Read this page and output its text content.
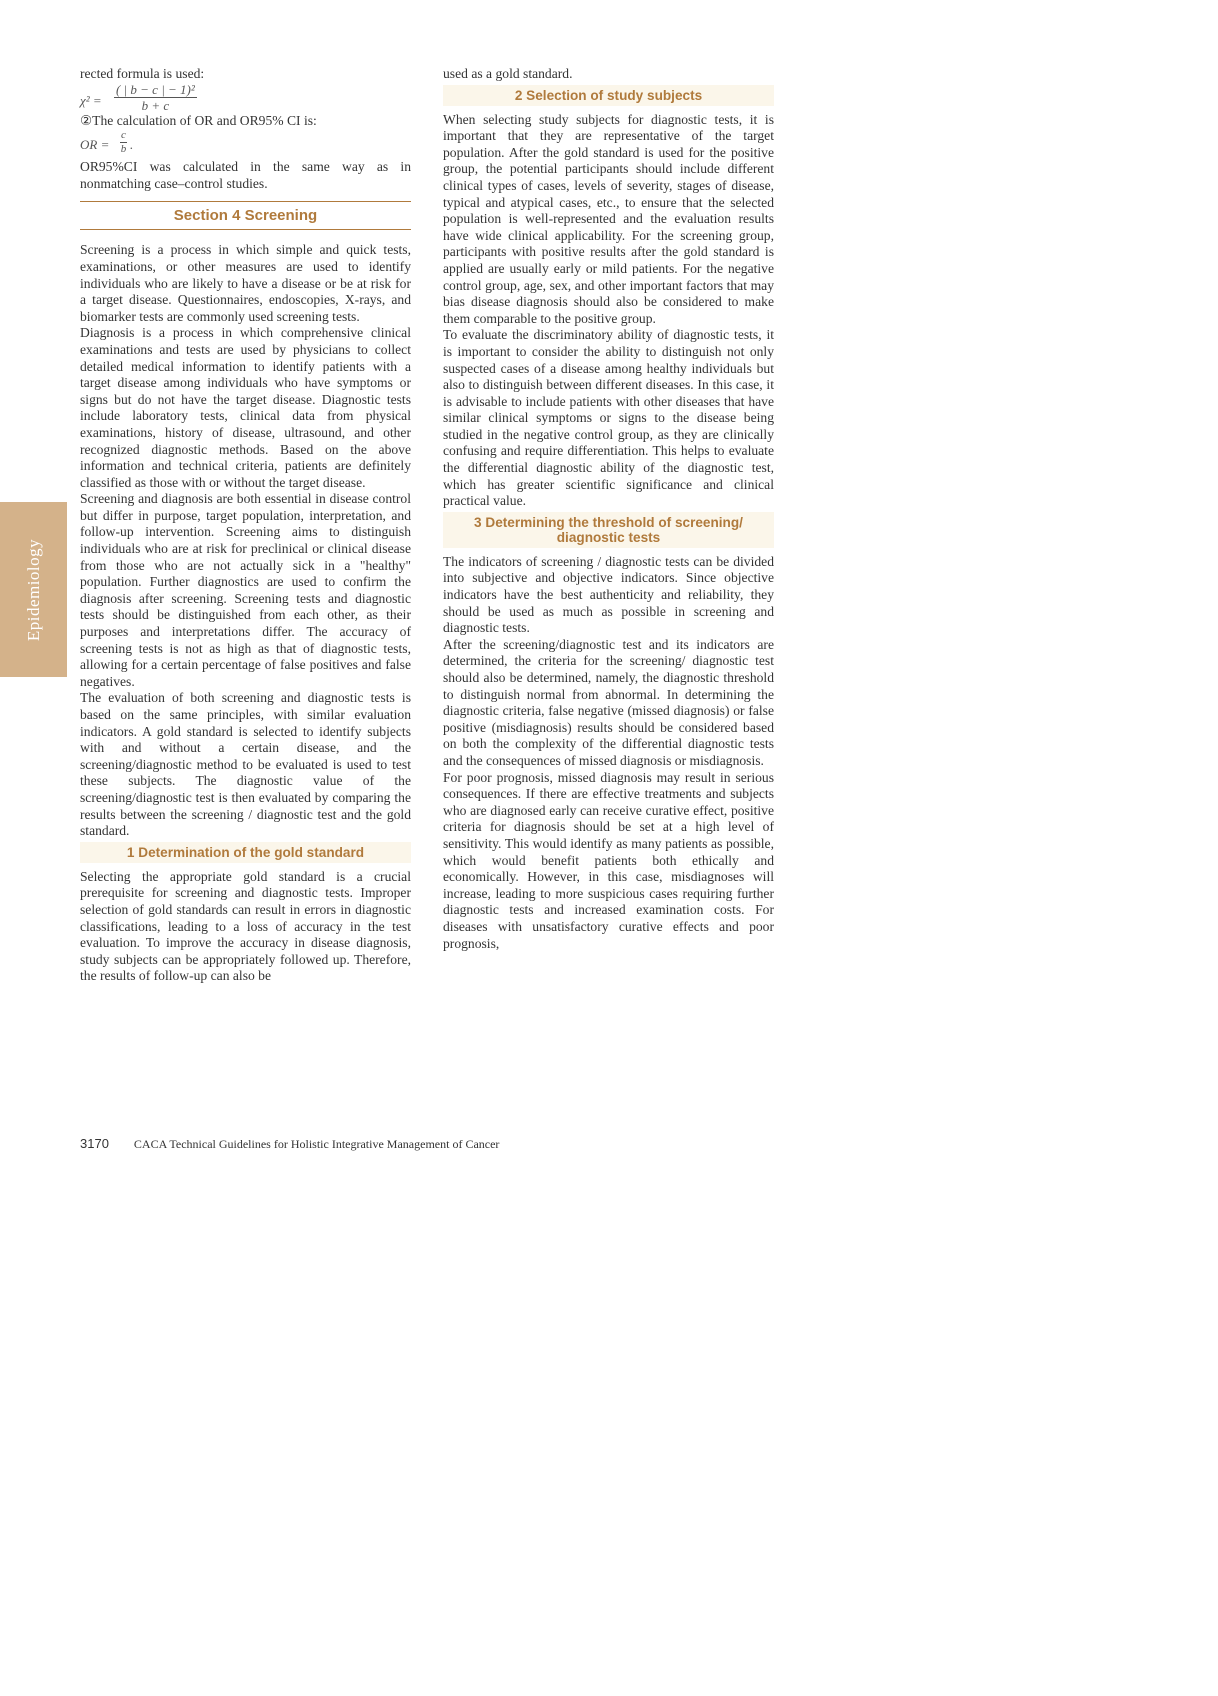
rected formula is used:

$\chi^2 = \frac{\text{( | b − c | − 1)²}}{b + c}$

②The calculation of OR and OR95% CI is:

OR = $\frac{c}{b}$ .

OR95%CI was calculated in the same way as in nonmatching case–control studies.

Section 4 Screening

Screening is a process in which simple and quick tests, examinations, or other measures are used to identify individuals who are likely to have a disease or be at risk for a target disease. Questionnaires, endoscopies, X-rays, and biomarker tests are commonly used screening tests.

Diagnosis is a process in which comprehensive clinical examinations and tests are used by physicians to collect detailed medical information to identify patients with a target disease among individuals who have symptoms or signs but do not have the target disease. Diagnostic tests include laboratory tests, clinical data from physical examinations, history of disease, ultrasound, and other recognized diagnostic methods. Based on the above information and technical criteria, patients are definitely classified as those with or without the target disease.

Screening and diagnosis are both essential in disease control but differ in purpose, target population, interpretation, and follow-up intervention. Screening aims to distinguish individuals who are at risk for preclinical or clinical disease from those who are not actually sick in a "healthy" population. Further diagnostics are used to confirm the diagnosis after screening. Screening tests and diagnostic tests should be distinguished from each other, as their purposes and interpretations differ. The accuracy of screening tests is not as high as that of diagnostic tests, allowing for a certain percentage of false positives and false negatives.

The evaluation of both screening and diagnostic tests is based on the same principles, with similar evaluation indicators. A gold standard is selected to identify subjects with and without a certain disease, and the screening/diagnostic method to be evaluated is used to test these subjects. The diagnostic value of the screening/diagnostic test is then evaluated by comparing the results between the screening / diagnostic test and the gold standard.

1 Determination of the gold standard

Selecting the appropriate gold standard is a crucial prerequisite for screening and diagnostic tests. Improper selection of gold standards can result in errors in diagnostic classifications, leading to a loss of accuracy in the test evaluation. To improve the accuracy in disease diagnosis, study subjects can be appropriately followed up. Therefore, the results of follow-up can also be

used as a gold standard.

2 Selection of study subjects

When selecting study subjects for diagnostic tests, it is important that they are representative of the target population. After the gold standard is used for the positive group, the potential participants should include different clinical types of cases, levels of severity, stages of disease, typical and atypical cases, etc., to ensure that the selected population is well-represented and the evaluation results have wide clinical applicability. For the screening group, participants with positive results after the gold standard is applied are usually early or mild patients. For the negative control group, age, sex, and other important factors that may bias disease diagnosis should also be considered to make them comparable to the positive group.

To evaluate the discriminatory ability of diagnostic tests, it is important to consider the ability to distinguish not only suspected cases of a disease among healthy individuals but also to distinguish between different diseases. In this case, it is advisable to include patients with other diseases that have similar clinical symptoms or signs to the disease being studied in the negative control group, as they are clinically confusing and require differentiation. This helps to evaluate the differential diagnostic ability of the diagnostic test, which has greater scientific significance and clinical practical value.

3 Determining the threshold of screening/ diagnostic tests

The indicators of screening / diagnostic tests can be divided into subjective and objective indicators. Since objective indicators have the best authenticity and reliability, they should be used as much as possible in screening and diagnostic tests.

After the screening/diagnostic test and its indicators are determined, the criteria for the screening/ diagnostic test should also be determined, namely, the diagnostic threshold to distinguish normal from abnormal. In determining the diagnostic criteria, false negative (missed diagnosis) or false positive (misdiagnosis) results should be considered based on both the complexity of the differential diagnostic tests and the consequences of missed diagnosis or misdiagnosis.

For poor prognosis, missed diagnosis may result in serious consequences. If there are effective treatments and subjects who are diagnosed early can receive curative effect, positive criteria for diagnosis should be set at a high level of sensitivity. This would identify as many patients as possible, which would benefit patients both ethically and economically. However, in this case, misdiagnoses will increase, leading to more suspicious cases requiring further diagnostic tests and increased examination costs. For diseases with unsatisfactory curative effects and poor prognosis,

Epidemiology
3170 CACA Technical Guidelines for Holistic Integrative Management of Cancer
